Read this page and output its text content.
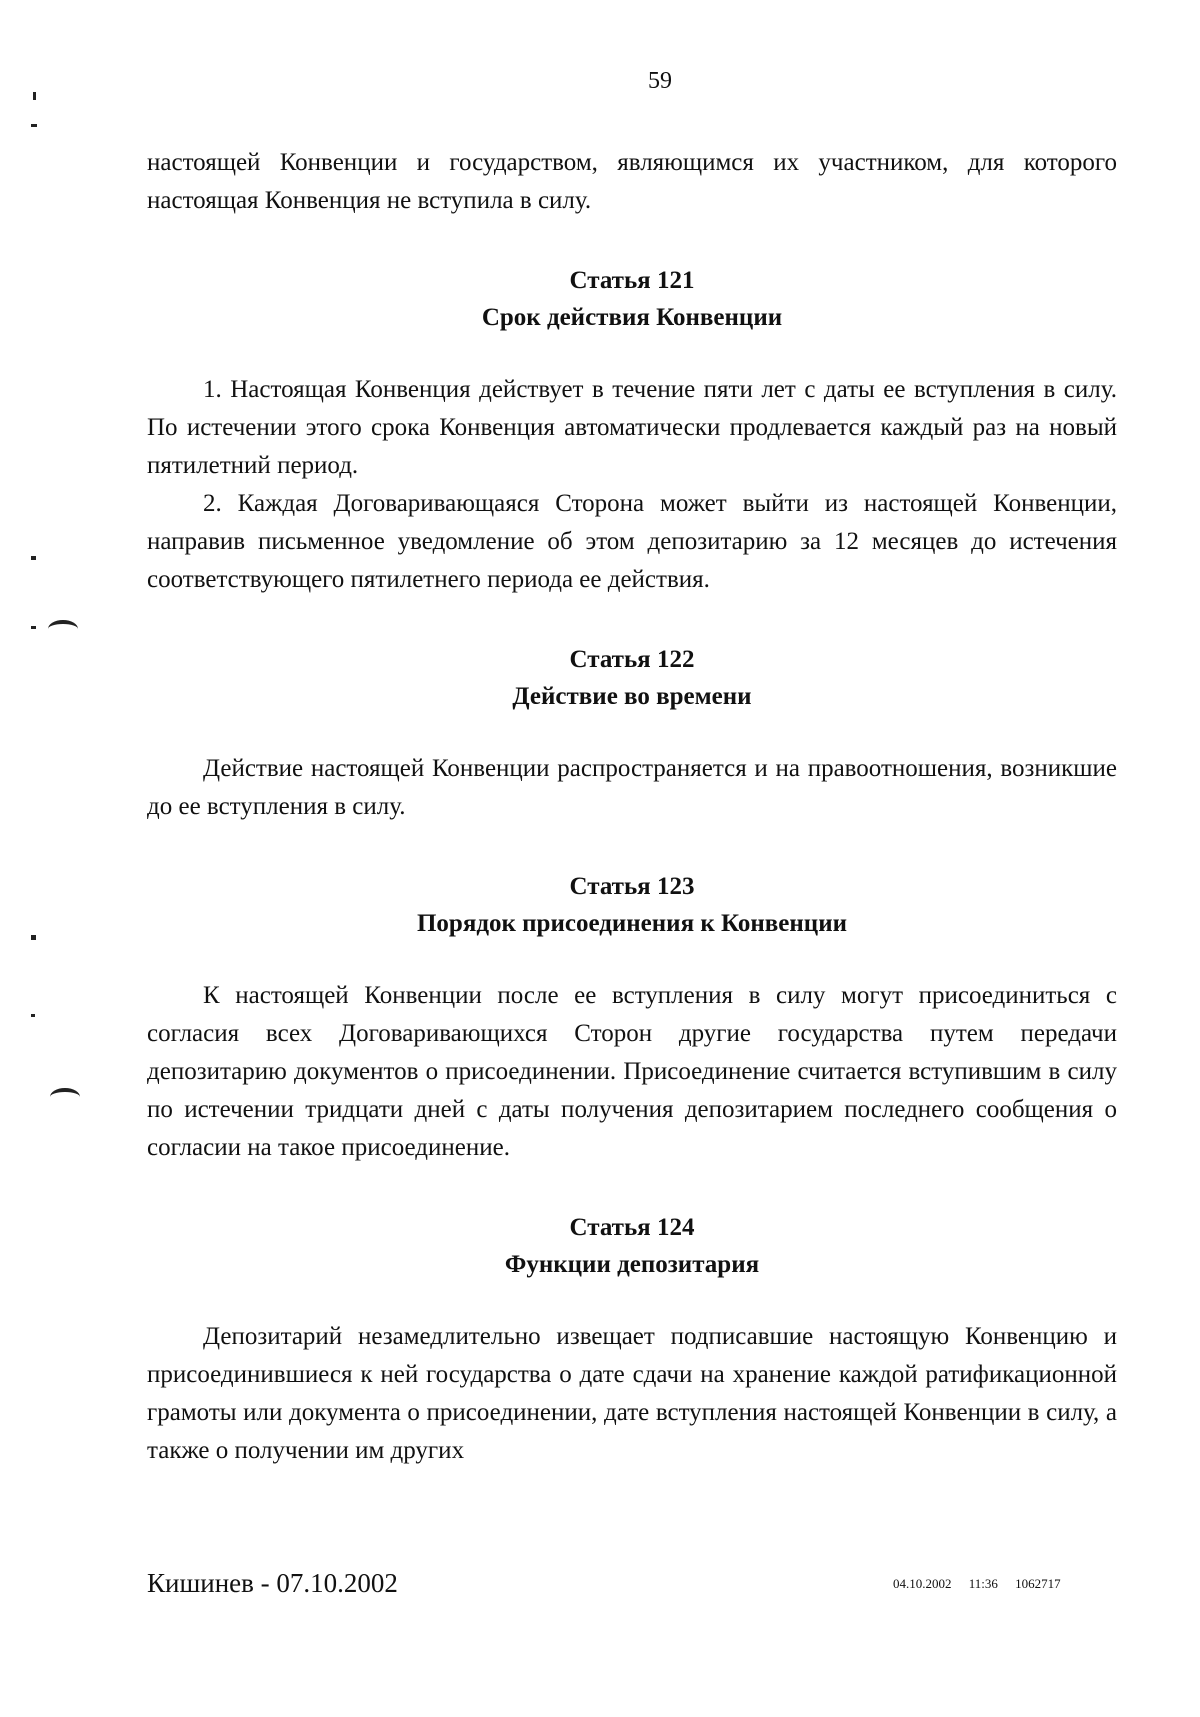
59

настоящей Конвенции и государством, являющимся их участником, для которого настоящая Конвенция не вступила в силу.

Статья 121
Срок действия Конвенции

1. Настоящая Конвенция действует в течение пяти лет с даты ее вступления в силу. По истечении этого срока Конвенция автоматически продлевается каждый раз на новый пятилетний период.

2. Каждая Договаривающаяся Сторона может выйти из настоящей Конвенции, направив письменное уведомление об этом депозитарию за 12 месяцев до истечения соответствующего пятилетнего периода ее действия.

Статья 122
Действие во времени

Действие настоящей Конвенции распространяется и на правоотношения, возникшие до ее вступления в силу.

Статья 123
Порядок присоединения к Конвенции

К настоящей Конвенции после ее вступления в силу могут присоединиться с согласия всех Договаривающихся Сторон другие государства путем передачи депозитарию документов о присоединении. Присоединение считается вступившим в силу по истечении тридцати дней с даты получения депозитарием последнего сообщения о согласии на такое присоединение.

Статья 124
Функции депозитария

Депозитарий незамедлительно извещает подписавшие настоящую Конвенцию и присоединившиеся к ней государства о дате сдачи на хранение каждой ратификационной грамоты или документа о присоединении, дате вступления настоящей Конвенции в силу, а также о получении им других

Кишинев - 07.10.2002	04.10.2002 11:36 1062717
